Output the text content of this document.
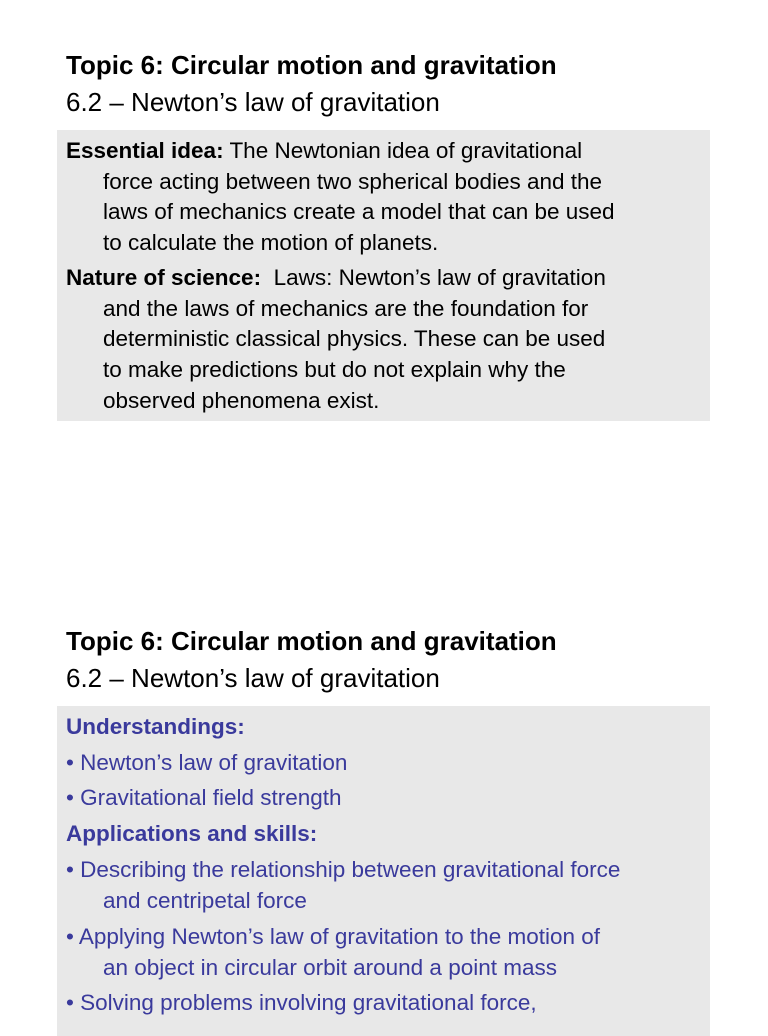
Topic 6: Circular motion and gravitation
6.2 – Newton’s law of gravitation
Essential idea: The Newtonian idea of gravitational
force acting between two spherical bodies and the
laws of mechanics create a model that can be used
to calculate the motion of planets.
Nature of science: Laws: Newton’s law of gravitation
and the laws of mechanics are the foundation for
deterministic classical physics. These can be used
to make predictions but do not explain why the
observed phenomena exist.
Topic 6: Circular motion and gravitation
6.2 – Newton’s law of gravitation
Understandings:
• Newton’s law of gravitation
• Gravitational field strength
Applications and skills:
• Describing the relationship between gravitational force
and centripetal force
• Applying Newton’s law of gravitation to the motion of
an object in circular orbit around a point mass
• Solving problems involving gravitational force,
